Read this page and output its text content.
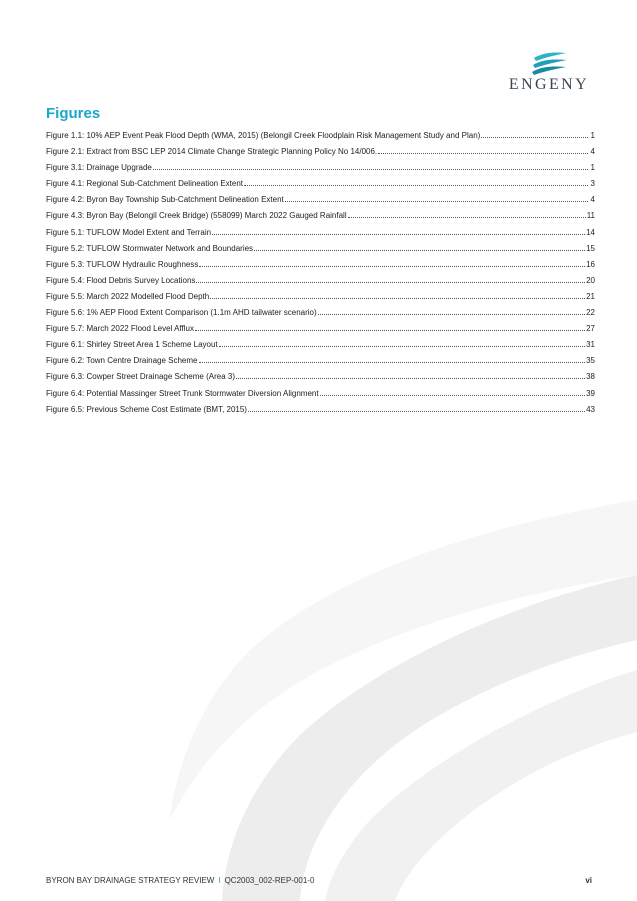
ENGENY
Figures
Figure 1.1: 10% AEP Event Peak Flood Depth (WMA, 2015) (Belongil Creek Floodplain Risk Management Study and Plan)	1
Figure 2.1: Extract from BSC LEP 2014 Climate Change Strategic Planning Policy No 14/006.	4
Figure 3.1: Drainage Upgrade	1
Figure 4.1: Regional Sub-Catchment Delineation Extent	3
Figure 4.2: Byron Bay Township Sub-Catchment Delineation Extent	4
Figure 4.3: Byron Bay (Belongil Creek Bridge) (558099) March 2022 Gauged Rainfall	11
Figure 5.1: TUFLOW Model Extent and Terrain	14
Figure 5.2: TUFLOW Stormwater Network and Boundaries	15
Figure 5.3: TUFLOW Hydraulic Roughness	16
Figure 5.4: Flood Debris Survey Locations	20
Figure 5.5: March 2022 Modelled Flood Depth	21
Figure 5.6: 1% AEP Flood Extent Comparison (1.1m AHD tailwater scenario)	22
Figure 5.7: March 2022 Flood Level Afflux	27
Figure 6.1: Shirley Street Area 1 Scheme Layout	31
Figure 6.2: Town Centre Drainage Scheme	35
Figure 6.3: Cowper Street Drainage Scheme (Area 3)	38
Figure 6.4: Potential Massinger Street Trunk Stormwater Diversion Alignment	39
Figure 6.5: Previous Scheme Cost Estimate (BMT, 2015)	43
BYRON BAY DRAINAGE STRATEGY REVIEW I QC2003_002-REP-001-0	vi
